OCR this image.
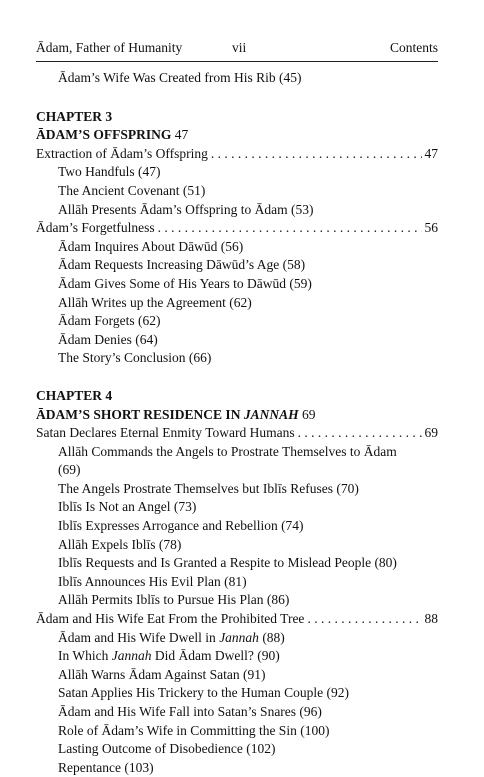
Ādam, Father of Humanity	vii	Contents
Ādam’s Wife Was Created from His Rib (45)
CHAPTER 3
ĀDAM’S OFFSPRING 47
Extraction of Ādam’s Offspring . . .	47
Two Handfuls (47)
The Ancient Covenant (51)
Allāh Presents Ādam’s Offspring to Ādam (53)
Ādam’s Forgetfulness . . .	56
Ādam Inquires About Dāwūd (56)
Ādam Requests Increasing Dāwūd’s Age (58)
Ādam Gives Some of His Years to Dāwūd (59)
Allāh Writes up the Agreement (62)
Ādam Forgets (62)
Ādam Denies (64)
The Story’s Conclusion (66)
CHAPTER 4
ĀDAM’S SHORT RESIDENCE IN JANNAH 69
Satan Declares Eternal Enmity Toward Humans . . .	69
Allāh Commands the Angels to Prostrate Themselves to Ādam
(69)
The Angels Prostrate Themselves but Iblīs Refuses (70)
Iblīs Is Not an Angel (73)
Iblīs Expresses Arrogance and Rebellion (74)
Allāh Expels Iblīs (78)
Iblīs Requests and Is Granted a Respite to Mislead People (80)
Iblīs Announces His Evil Plan (81)
Allāh Permits Iblīs to Pursue His Plan (86)
Ādam and His Wife Eat From the Prohibited Tree . . .	88
Ādam and His Wife Dwell in Jannah (88)
In Which Jannah Did Ādam Dwell? (90)
Allāh Warns Ādam Against Satan (91)
Satan Applies His Trickery to the Human Couple (92)
Ādam and His Wife Fall into Satan’s Snares (96)
Role of Ādam’s Wife in Committing the Sin (100)
Lasting Outcome of Disobedience (102)
Repentance (103)
